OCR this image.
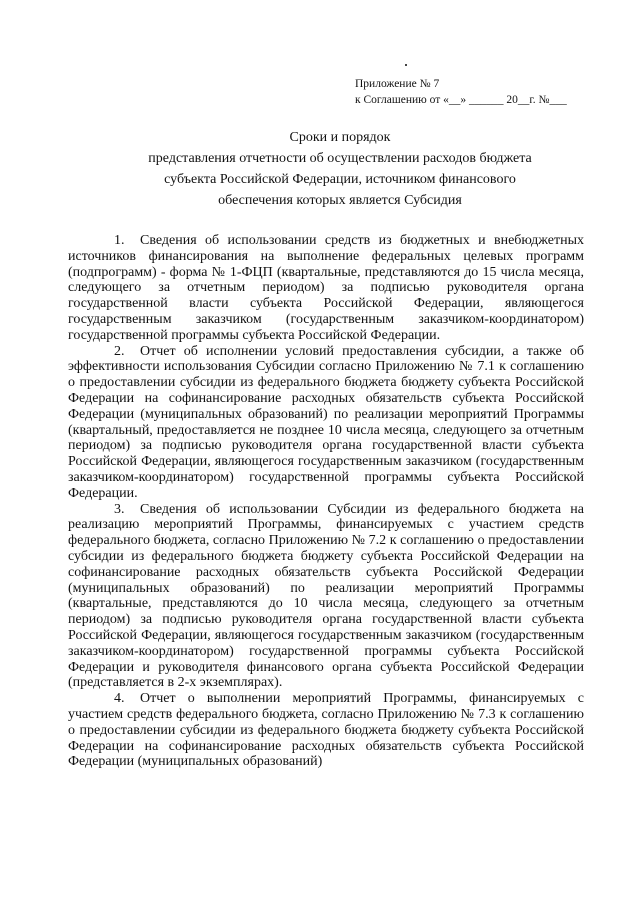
Приложение № 7
к Соглашению от «__» ______ 20__г. №___
Сроки и порядок
представления отчетности об осуществлении расходов бюджета
субъекта Российской Федерации, источником финансового
обеспечения которых является Субсидия

1. Сведения об использовании средств из бюджетных и внебюджетных источников финансирования на выполнение федеральных целевых программ (подпрограмм) - форма № 1-ФЦП (квартальные, представляются до 15 числа месяца, следующего за отчетным периодом) за подписью руководителя органа государственной власти субъекта Российской Федерации, являющегося государственным заказчиком (государственным заказчиком-координатором) государственной программы субъекта Российской Федерации.

2. Отчет об исполнении условий предоставления субсидии, а также об эффективности использования Субсидии согласно Приложению № 7.1 к соглашению о предоставлении субсидии из федерального бюджета бюджету субъекта Российской Федерации на софинансирование расходных обязательств субъекта Российской Федерации (муниципальных образований) по реализации мероприятий Программы (квартальный, предоставляется не позднее 10 числа месяца, следующего за отчетным периодом) за подписью руководителя органа государственной власти субъекта Российской Федерации, являющегося государственным заказчиком (государственным заказчиком-координатором) государственной программы субъекта Российской Федерации.

3. Сведения об использовании Субсидии из федерального бюджета на реализацию мероприятий Программы, финансируемых с участием средств федерального бюджета, согласно Приложению № 7.2 к соглашению о предоставлении субсидии из федерального бюджета бюджету субъекта Российской Федерации на софинансирование расходных обязательств субъекта Российской Федерации (муниципальных образований) по реализации мероприятий Программы (квартальные, представляются до 10 числа месяца, следующего за отчетным периодом) за подписью руководителя органа государственной власти субъекта Российской Федерации, являющегося государственным заказчиком (государственным заказчиком-координатором) государственной программы субъекта Российской Федерации и руководителя финансового органа субъекта Российской Федерации (представляется в 2-х экземплярах).

4. Отчет о выполнении мероприятий Программы, финансируемых с участием средств федерального бюджета, согласно Приложению № 7.3 к соглашению о предоставлении субсидии из федерального бюджета бюджету субъекта Российской Федерации на софинансирование расходных обязательств субъекта Российской Федерации (муниципальных образований)
